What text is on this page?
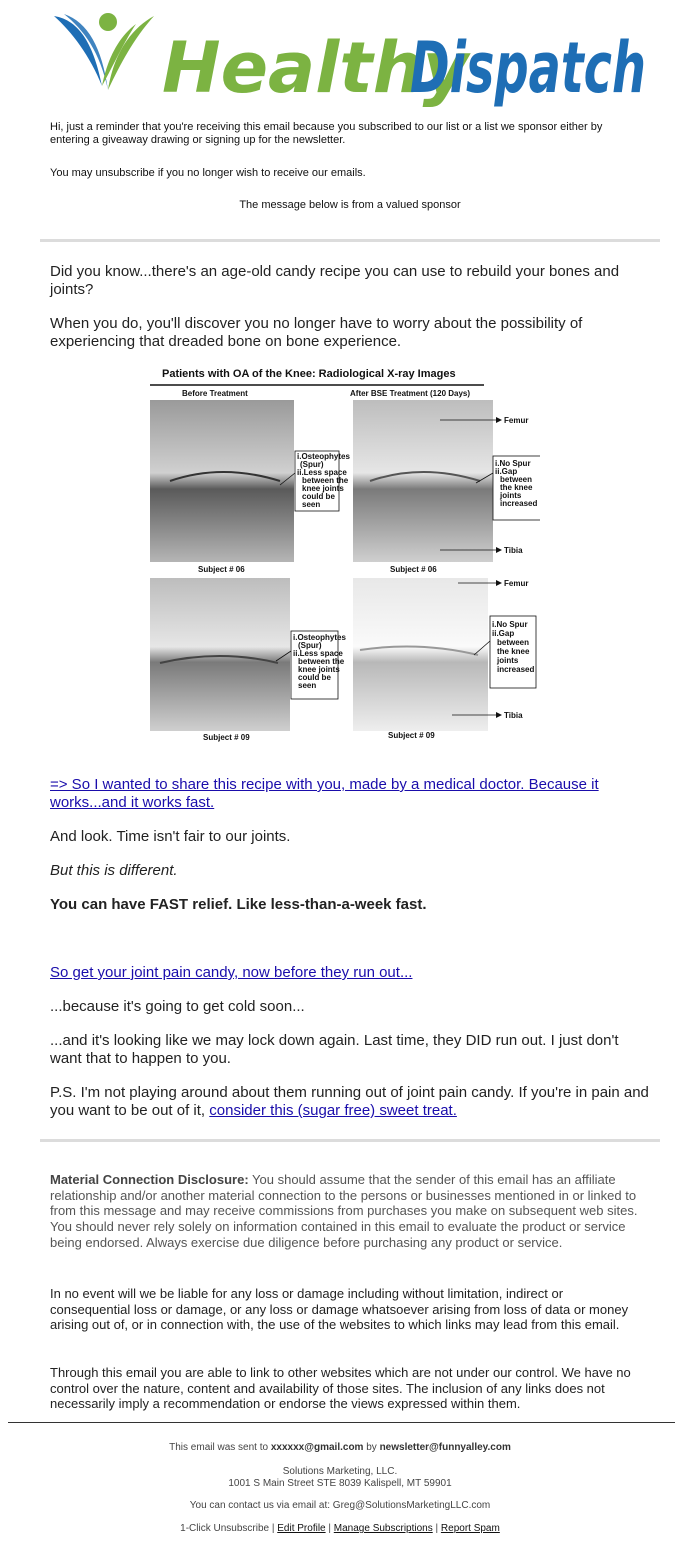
Healthy
Dispatch
Hi, just a reminder that you're receiving this email because you subscribed to our list or a list we sponsor either by entering a giveaway drawing or signing up for the newsletter.
You may unsubscribe if you no longer wish to receive our emails.
The message below is from a valued sponsor
Did you know...there's an age-old candy recipe you can use to rebuild your bones and joints?
When you do, you'll discover you no longer have to worry about the possibility of experiencing that dreaded bone on bone experience.
Patients with OA of the Knee: Radiological X-ray Images
Before Treatment	After BSE Treatment (120 Days)
Subject # 06	Subject # 06
i.Osteophytes
(Spur)
ii.Less space
between the
knee joints
could be
seen
i.No Spur
ii.Gap
between
the knee
joints
increased
Femur
Tibia
Subject # 09	Subject # 09
i.Osteophytes
(Spur)
ii.Less space
between the
knee joints
could be
seen
i.No Spur
ii.Gap
between
the knee
joints
increased
Femur
Tibia
=> So I wanted to share this recipe with you, made by a medical doctor. Because it works...and it works fast.
And look. Time isn't fair to our joints.
But this is different.
You can have FAST relief. Like less-than-a-week fast.
So get your joint pain candy, now before they run out...
...because it's going to get cold soon...
...and it's looking like we may lock down again. Last time, they DID run out. I just don't want that to happen to you.
P.S. I'm not playing around about them running out of joint pain candy. If you're in pain and you want to be out of it, consider this (sugar free) sweet treat.
Material Connection Disclosure: You should assume that the sender of this email has an affiliate relationship and/or another material connection to the persons or businesses mentioned in or linked to from this message and may receive commissions from purchases you make on subsequent web sites. You should never rely solely on information contained in this email to evaluate the product or service being endorsed. Always exercise due diligence before purchasing any product or service.
In no event will we be liable for any loss or damage including without limitation, indirect or consequential loss or damage, or any loss or damage whatsoever arising from loss of data or money arising out of, or in connection with, the use of the websites to which links may lead from this email.
Through this email you are able to link to other websites which are not under our control. We have no control over the nature, content and availability of those sites. The inclusion of any links does not necessarily imply a recommendation or endorse the views expressed within them.
This email was sent to xxxxxx@gmail.com by newsletter@funnyalley.com
Solutions Marketing, LLC.
1001 S Main Street STE 8039 Kalispell, MT 59901
You can contact us via email at: Greg@SolutionsMarketingLLC.com
1-Click Unsubscribe | Edit Profile | Manage Subscriptions | Report Spam
